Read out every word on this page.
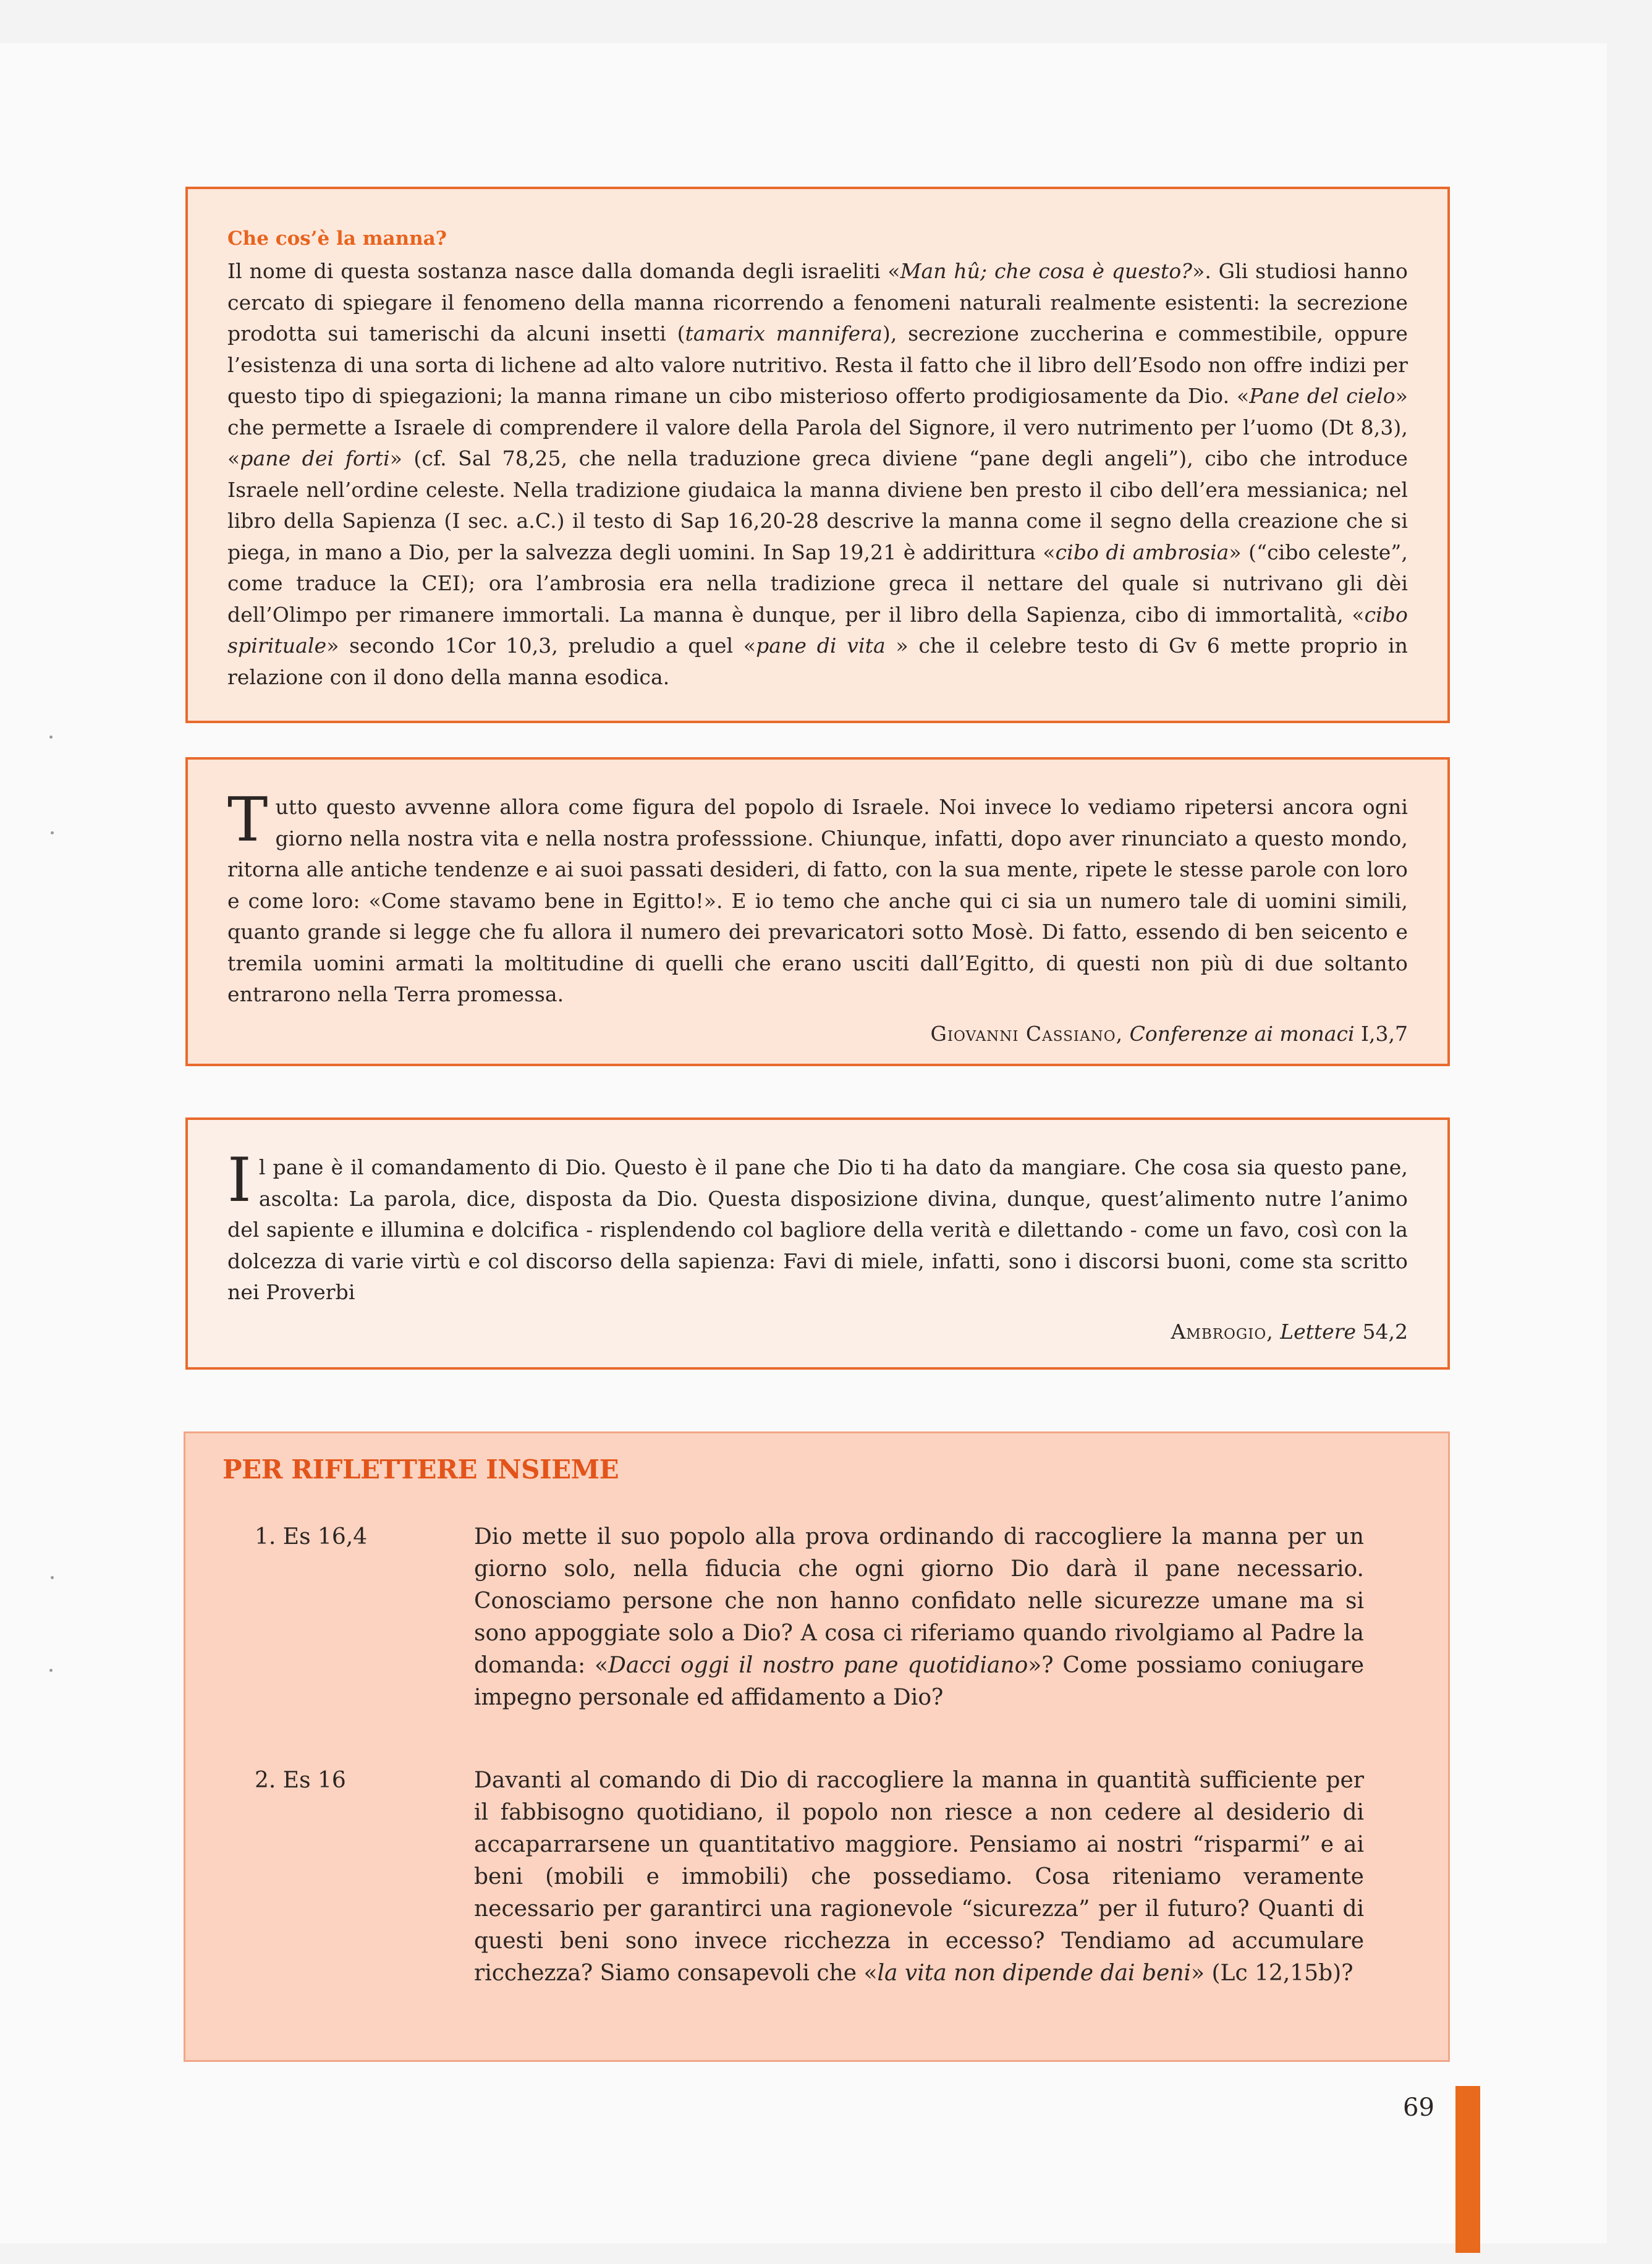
Che cos’è la manna?

Il nome di questa sostanza nasce dalla domanda degli israeliti «Man hû; che cosa è questo?». Gli studiosi hanno cercato di spiegare il fenomeno della manna ricorrendo a fenomeni naturali realmente esistenti: la secrezione prodotta sui tamerischi da alcuni insetti (tamarix mannifera), secrezione zuccherina e commestibile, oppure l’esistenza di una sorta di lichene ad alto valore nutritivo. Resta il fatto che il libro dell’Esodo non offre indizi per questo tipo di spiegazioni; la manna rimane un cibo misterioso offerto prodigiosamente da Dio. «Pane del cielo» che permette a Israele di comprendere il valore della Parola del Signore, il vero nutrimento per l’uomo (Dt 8,3), «pane dei forti» (cf. Sal 78,25, che nella traduzione greca diviene “pane degli angeli”), cibo che introduce Israele nell’ordine celeste. Nella tradizione giudaica la manna diviene ben presto il cibo dell’era messianica; nel libro della Sapienza (I sec. a.C.) il testo di Sap 16,20-28 descrive la manna come il segno della creazione che si piega, in mano a Dio, per la salvezza degli uomini. In Sap 19,21 è addirittura «cibo di ambrosia» (“cibo celeste”, come traduce la CEI); ora l’ambrosia era nella tradizione greca il nettare del quale si nutrivano gli dèi dell’Olimpo per rimanere immortali. La manna è dunque, per il libro della Sapienza, cibo di immortalità, «cibo spirituale» secondo 1Cor 10,3, preludio a quel «pane di vita » che il celebre testo di Gv 6 mette proprio in relazione con il dono della manna esodica.

Tutto questo avvenne allora come figura del popolo di Israele. Noi invece lo vediamo ripetersi ancora ogni giorno nella nostra vita e nella nostra professsione. Chiunque, infatti, dopo aver rinunciato a questo mondo, ritorna alle antiche tendenze e ai suoi passati desideri, di fatto, con la sua mente, ripete le stesse parole con loro e come loro: «Come stavamo bene in Egitto!». E io temo che anche qui ci sia un numero tale di uomini simili, quanto grande si legge che fu allora il numero dei prevaricatori sotto Mosè. Di fatto, essendo di ben seicento e tremila uomini armati la moltitudine di quelli che erano usciti dall’Egitto, di questi non più di due soltanto entrarono nella Terra promessa.

Giovanni Cassiano, Conferenze ai monaci I,3,7

Il pane è il comandamento di Dio. Questo è il pane che Dio ti ha dato da mangiare. Che cosa sia questo pane, ascolta: La parola, dice, disposta da Dio. Questa disposizione divina, dunque, quest’alimento nutre l’animo del sapiente e illumina e dolcifica - risplendendo col bagliore della verità e dilettando - come un favo, così con la dolcezza di varie virtù e col discorso della sapienza: Favi di miele, infatti, sono i discorsi buoni, come sta scritto nei Proverbi

Ambrogio, Lettere 54,2
PER RIFLETTERE INSIEME
1. Es 16,4	Dio mette il suo popolo alla prova ordinando di raccogliere la manna per un giorno solo, nella fiducia che ogni giorno Dio darà il pane necessario. Conosciamo persone che non hanno confidato nelle sicurezze umane ma si sono appoggiate solo a Dio? A cosa ci riferiamo quando rivolgiamo al Padre la domanda: «Dacci oggi il nostro pane quotidiano»? Come possiamo coniugare impegno personale ed affidamento a Dio?

2. Es 16	Davanti al comando di Dio di raccogliere la manna in quantità sufficiente per il fabbisogno quotidiano, il popolo non riesce a non cedere al desiderio di accaparrarsene un quantitativo maggiore. Pensiamo ai nostri “risparmi” e ai beni (mobili e immobili) che possediamo. Cosa riteniamo veramente necessario per garantirci una ragionevole “sicurezza” per il futuro? Quanti di questi beni sono invece ricchezza in eccesso? Tendiamo ad accumulare ricchezza? Siamo consapevoli che «la vita non dipende dai beni» (Lc 12,15b)?

69
